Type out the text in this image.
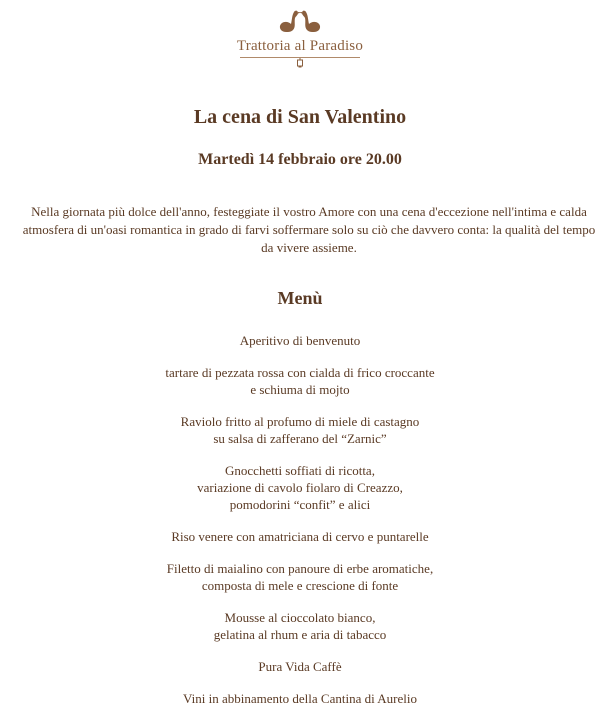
Trattoria al Paradiso
La cena di San Valentino
Martedì 14 febbraio ore 20.00
Nella giornata più dolce dell'anno, festeggiate il vostro Amore con una cena d'eccezione nell'intima e calda atmosfera di un'oasi romantica in grado di farvi soffermare solo su ciò che davvero conta: la qualità del tempo da vivere assieme.
Menù
Aperitivo di benvenuto
tartare di pezzata rossa con cialda di frico croccante
e schiuma di mojto
Raviolo fritto al profumo di miele di castagno
su salsa di zafferano del “Zarnic”
Gnocchetti soffiati di ricotta,
variazione di cavolo fiolaro di Creazzo,
pomodorini “confit” e alici
Riso venere con amatriciana di cervo e puntarelle
Filetto di maialino con panoure di erbe aromatiche,
composta di mele e crescione di fonte
Mousse al cioccolato bianco,
gelatina al rhum e aria di tabacco
Pura Vida Caffè
Vini in abbinamento della Cantina di Aurelio
